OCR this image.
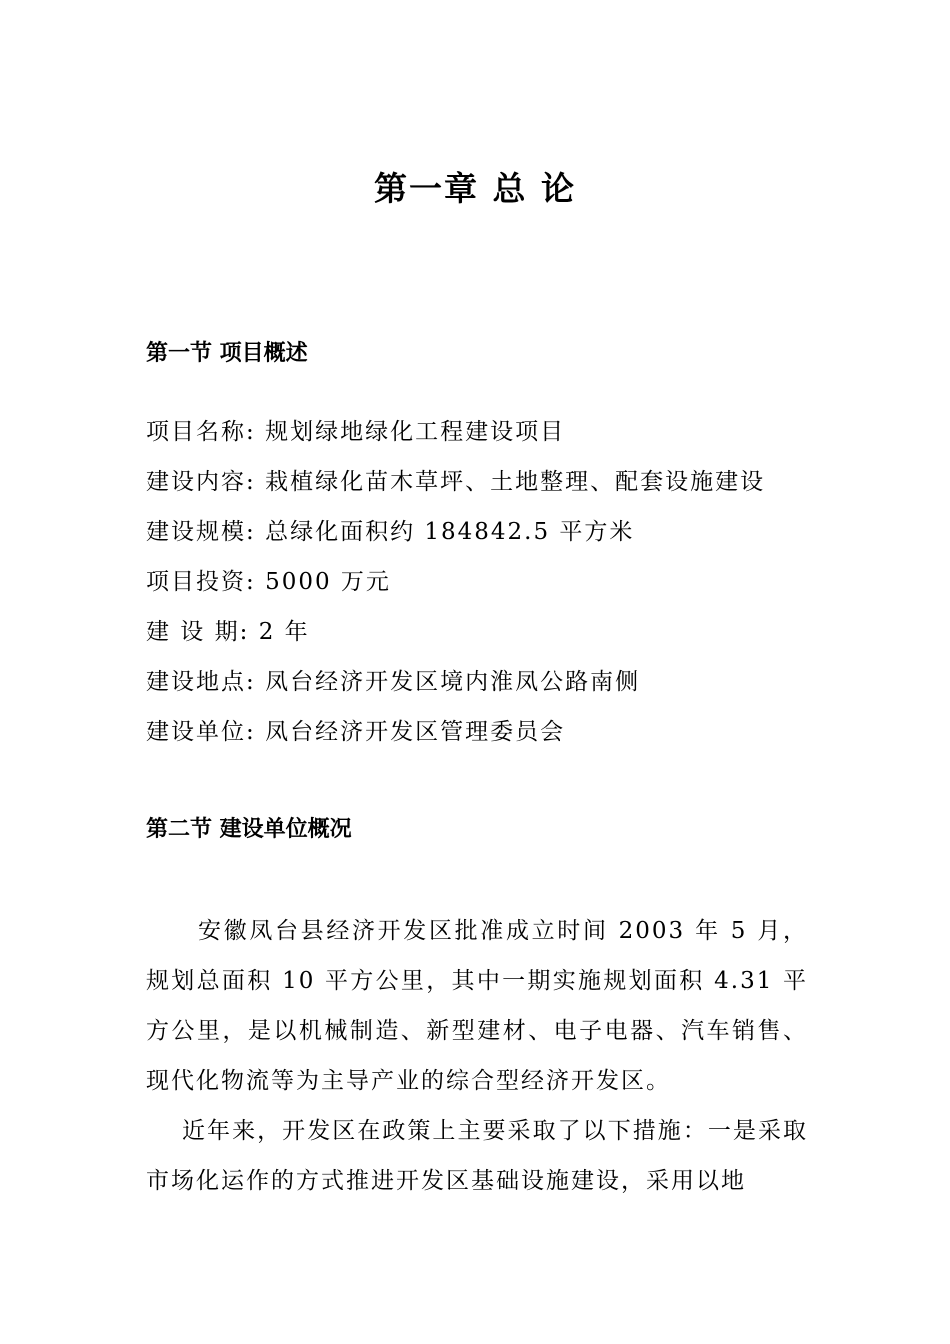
第一章 总 论
第一节 项目概述
项目名称: 规划绿地绿化工程建设项目
建设内容: 栽植绿化苗木草坪、土地整理、配套设施建设
建设规模: 总绿化面积约 184842.5 平方米
项目投资: 5000 万元
建 设 期: 2 年
建设地点: 凤台经济开发区境内淮凤公路南侧
建设单位: 凤台经济开发区管理委员会
第二节 建设单位概况

安徽凤台县经济开发区批准成立时间 2003 年 5 月，规划总面积 10 平方公里，其中一期实施规划面积 4.31 平方公里，是以机械制造、新型建材、电子电器、汽车销售、现代化物流等为主导产业的综合型经济开发区。

近年来，开发区在政策上主要采取了以下措施：一是采取市场化运作的方式推进开发区基础设施建设，采用以地
